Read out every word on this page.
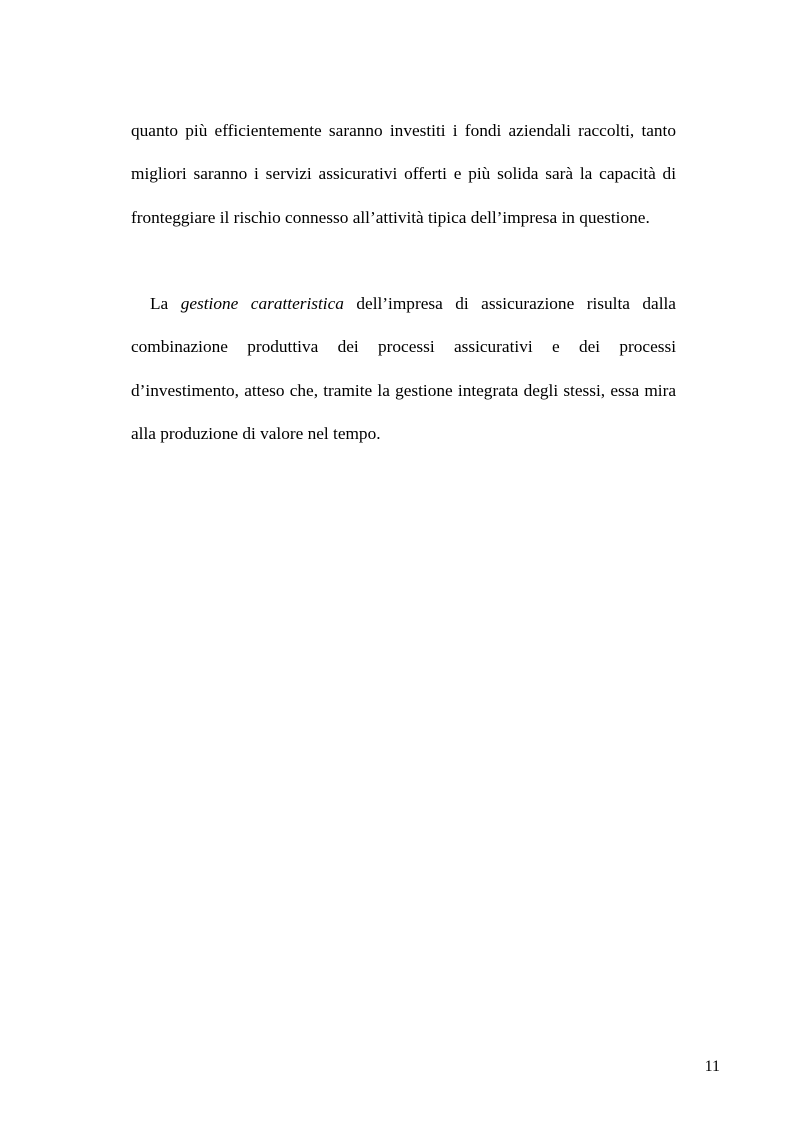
quanto più efficientemente saranno investiti i fondi aziendali raccolti, tanto migliori saranno i servizi assicurativi offerti e più solida sarà la capacità di fronteggiare il rischio connesso all’attività tipica dell’impresa in questione.

La gestione caratteristica dell’impresa di assicurazione risulta dalla combinazione produttiva dei processi assicurativi e dei processi d’investimento, atteso che, tramite la gestione integrata degli stessi, essa mira alla produzione di valore nel tempo.

11
